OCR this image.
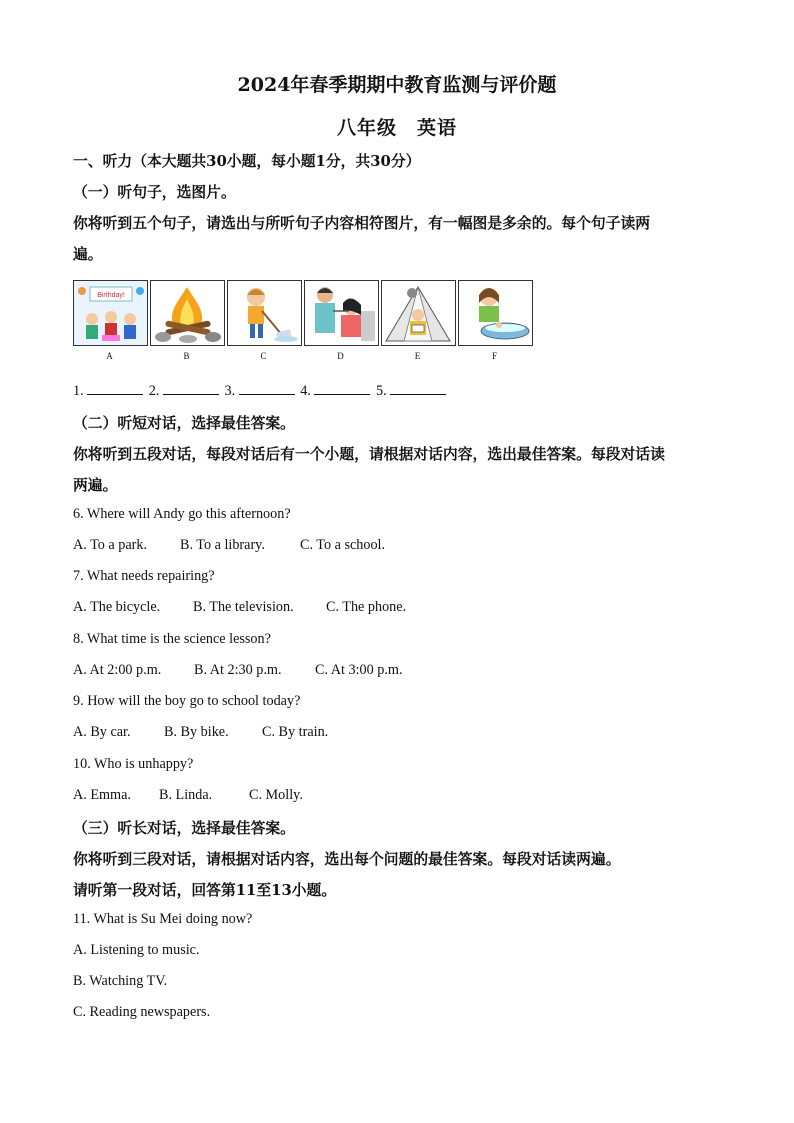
2024年春季期期中教育监测与评价题
八年级　英语
一、听力（本大题共30小题，每小题1分，共30分）
（一）听句子，选图片。
你将听到五个句子，请选出与所听句子内容相符图片，有一幅图是多余的。每个句子读两
遍。
Birthday!
A	B	C	D	E	F
1.	2.	3.	4.	5.
（二）听短对话，选择最佳答案。
你将听到五段对话，每段对话后有一个小题，请根据对话内容，选出最佳答案。每段对话读
两遍。
6. Where will Andy go this afternoon?
A. To a park. B. To a library. C. To a school.
7. What needs repairing?
A. The bicycle. B. The television. C. The phone.
8. What time is the science lesson?
A. At 2:00 p.m. B. At 2:30 p.m. C. At 3:00 p.m.
9. How will the boy go to school today?
A. By car. B. By bike. C. By train.
10. Who is unhappy?
A. Emma. B. Linda.	C. Molly.
（三）听长对话，选择最佳答案。
你将听到三段对话，请根据对话内容，选出每个问题的最佳答案。每段对话读两遍。
请听第一段对话，回答第11至13小题。
11. What is Su Mei doing now?
A. Listening to music.
B. Watching TV.
C. Reading newspapers.
